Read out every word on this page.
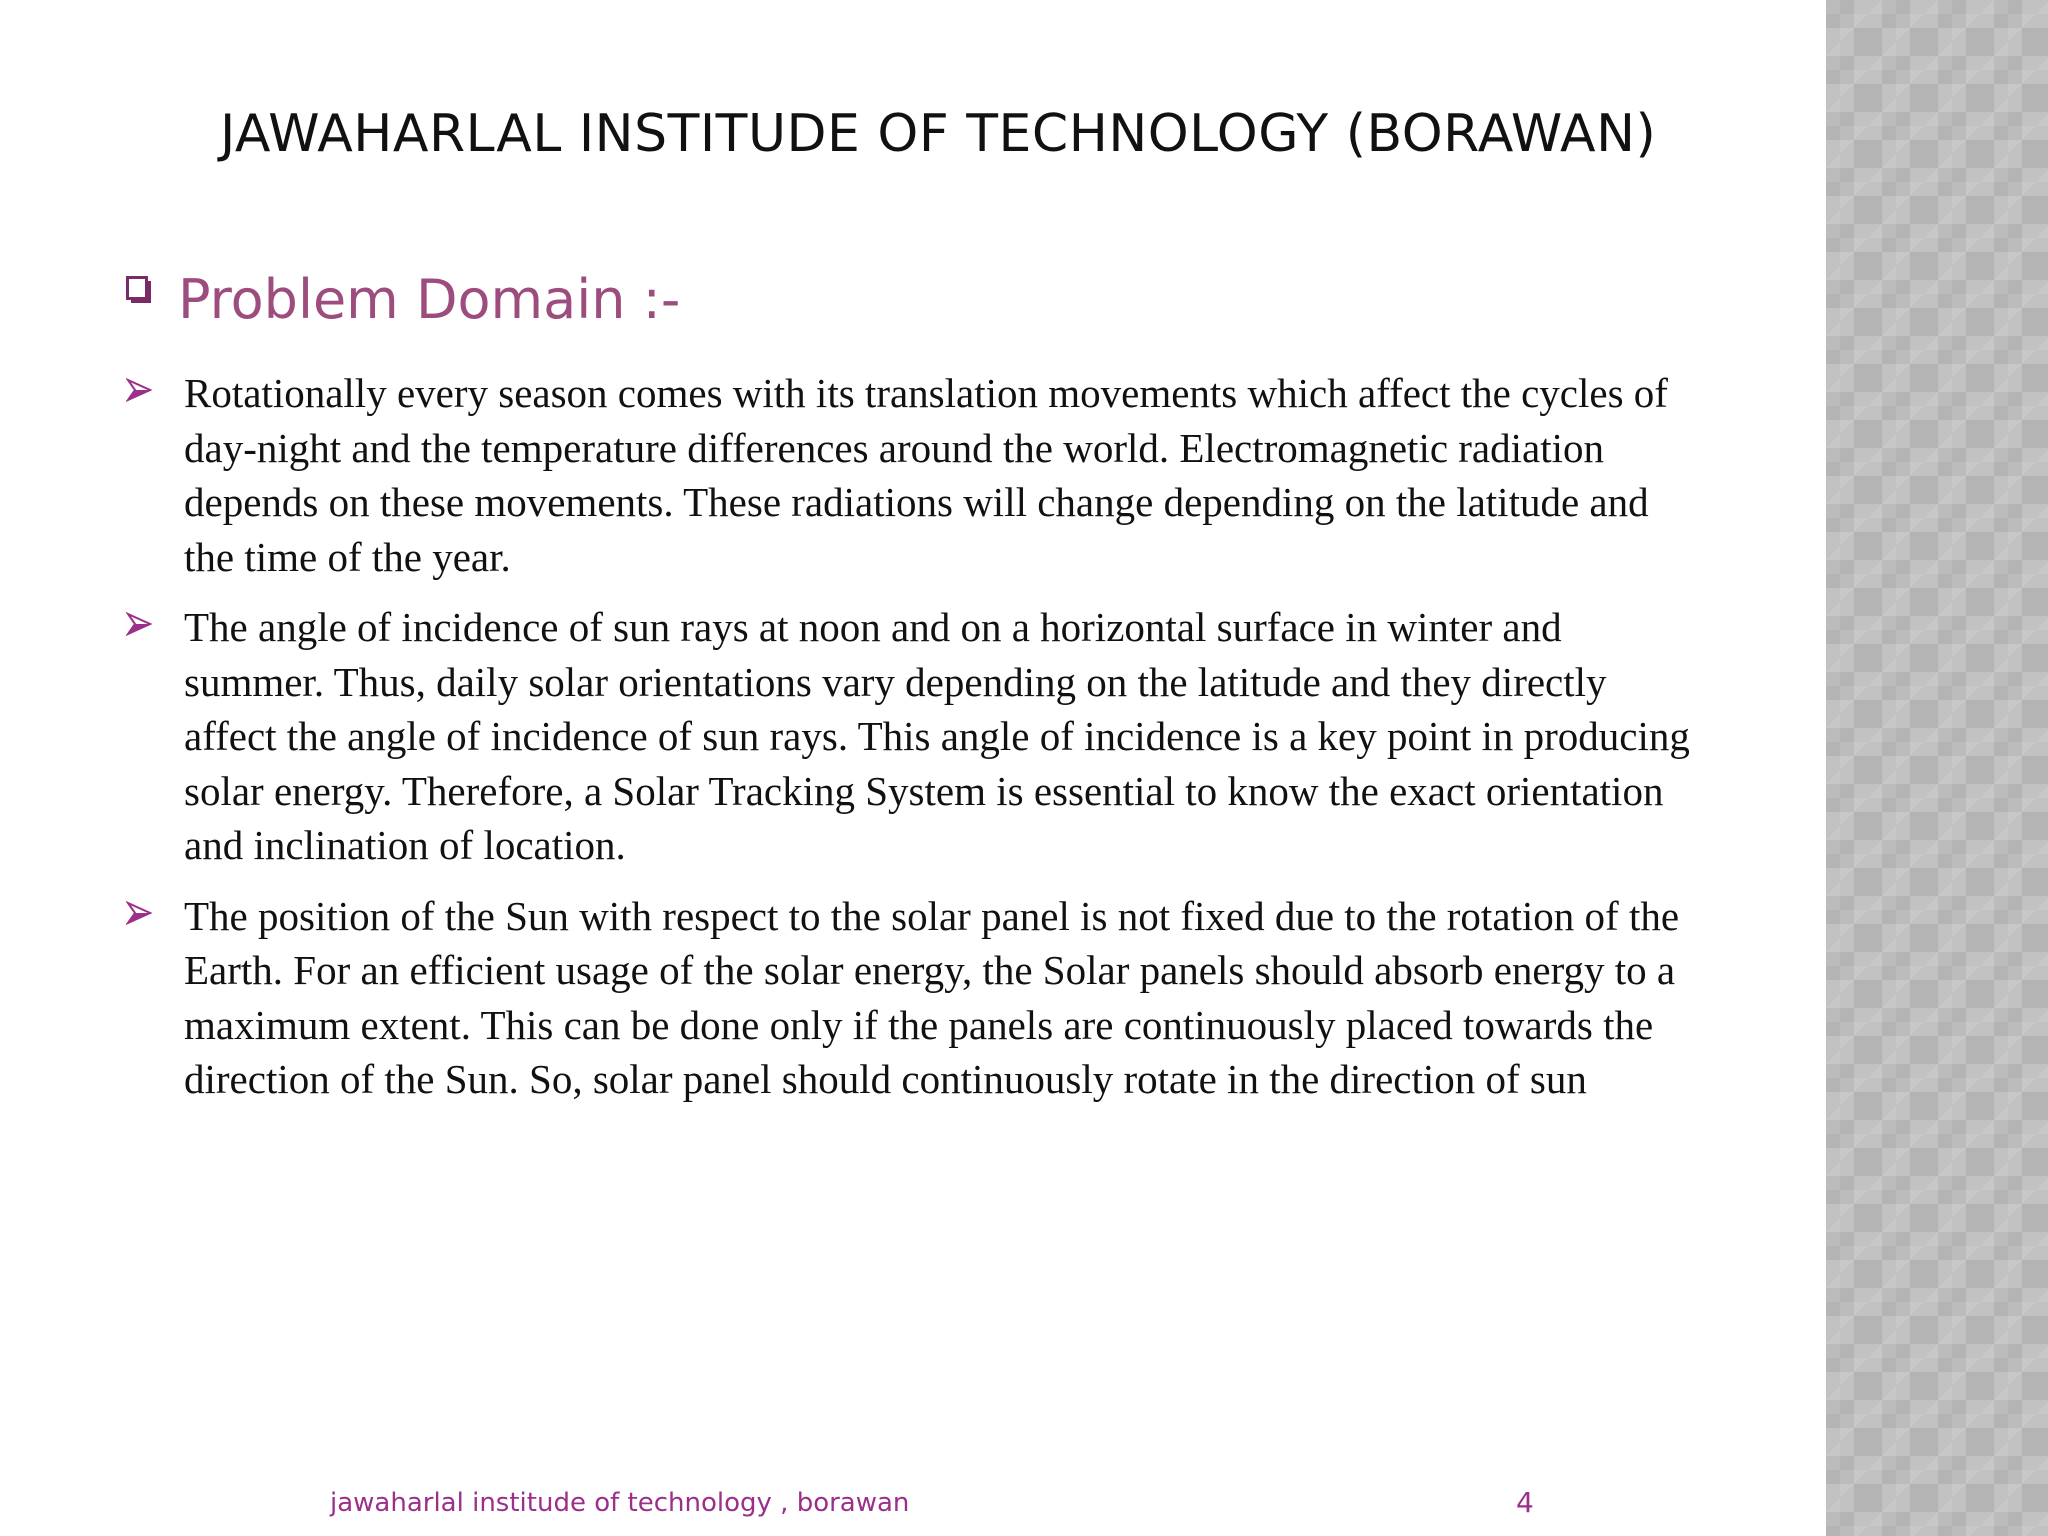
JAWAHARLAL INSTITUDE OF TECHNOLOGY (BORAWAN)
Problem Domain :-
Rotationally every season comes with its translation movements which affect the cycles of day-night and the temperature differences around the world. Electromagnetic radiation depends on these movements. These radiations will change depending on the latitude and the time of the year.
The angle of incidence of sun rays at noon and on a horizontal surface in winter and summer. Thus, daily solar orientations vary depending on the latitude and they directly affect the angle of incidence of sun rays. This angle of incidence is a key point in producing solar energy. Therefore, a Solar Tracking System is essential to know the exact orientation and inclination of location.
The position of the Sun with respect to the solar panel is not fixed due to the rotation of the Earth. For an efficient usage of the solar energy, the Solar panels should absorb energy to a maximum extent. This can be done only if the panels are continuously placed towards the direction of the Sun. So, solar panel should continuously rotate in the direction of sun
jawaharlal institude of technology , borawan	4
